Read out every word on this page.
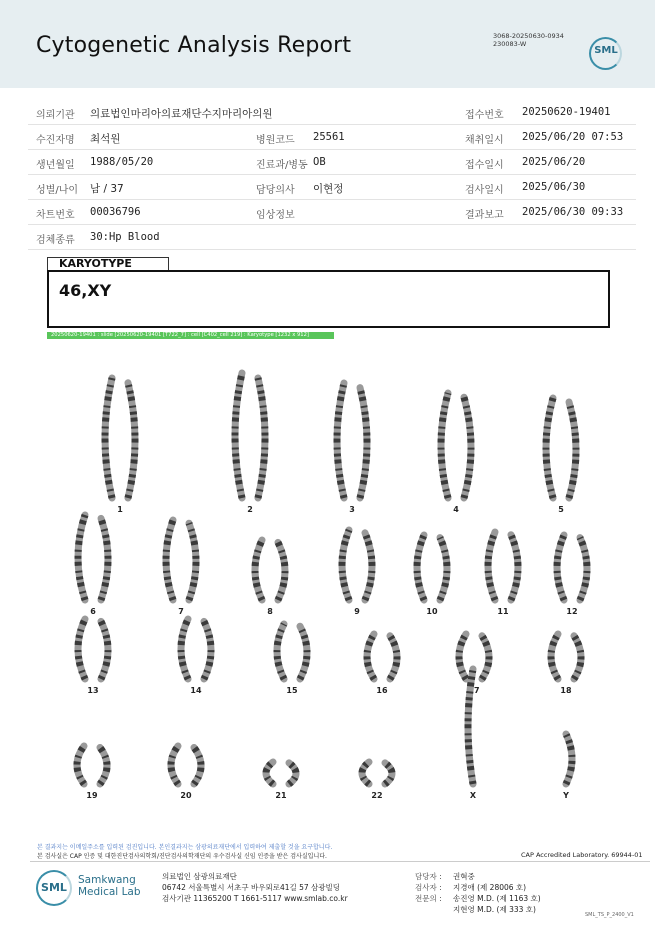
Cytogenetic Analysis Report	3068-20250630-0934
230083-W
SML
의뢰기관 의료법인마리아의료재단수지마리아의원	접수번호 20250620-19401
수진자명 최석원	병원코드 25561	채취일시 2025/06/20 07:53
생년월일 1988/05/20	진료과/병동 OB	접수일시 2025/06/20
성별/나이 남 / 37	담당의사 이현정	검사일시 2025/06/30
차트번호 00036796	임상정보	결과보고 2025/06/30 09:33
검체종류 30:Hp Blood
KARYOTYPE
46,XY
20250620-19401 : slide [20250620-19401 [T722_7] : cell [C402_cell 219] : Karyotype [1232 x 912]
1	2	3	4	5
6	7	8	9	10	11	12
13	14	15	16	17	18
19	20	21	22	X	Y
본 결과지는 이메일주소를 입력된 검진입니다. 본인결과지는 삼광의료재단에서 입력하여 제출할 것을 요구합니다.
본 검사실은 CAP 인증 및 대한진단검사의학회/진단검사의학재단의 우수검사실 신임 인증을 받은 검사실입니다.	CAP Accredited Laboratory. 69944-01
SML
Samkwang
Medical Lab
의료법인 삼광의료재단
06742 서울특별시 서초구 바우뫼로41길 57 삼광빌딩
검사기관 11365200 T 1661-5117 www.smlab.co.kr
담당자 : 권혁중
검사자 : 지경애 (제 28006 호)
전문의 : 송진영 M.D. (제 1163 호)
지현영 M.D. (제 333 호)
SML_TS_P_2400_V1
